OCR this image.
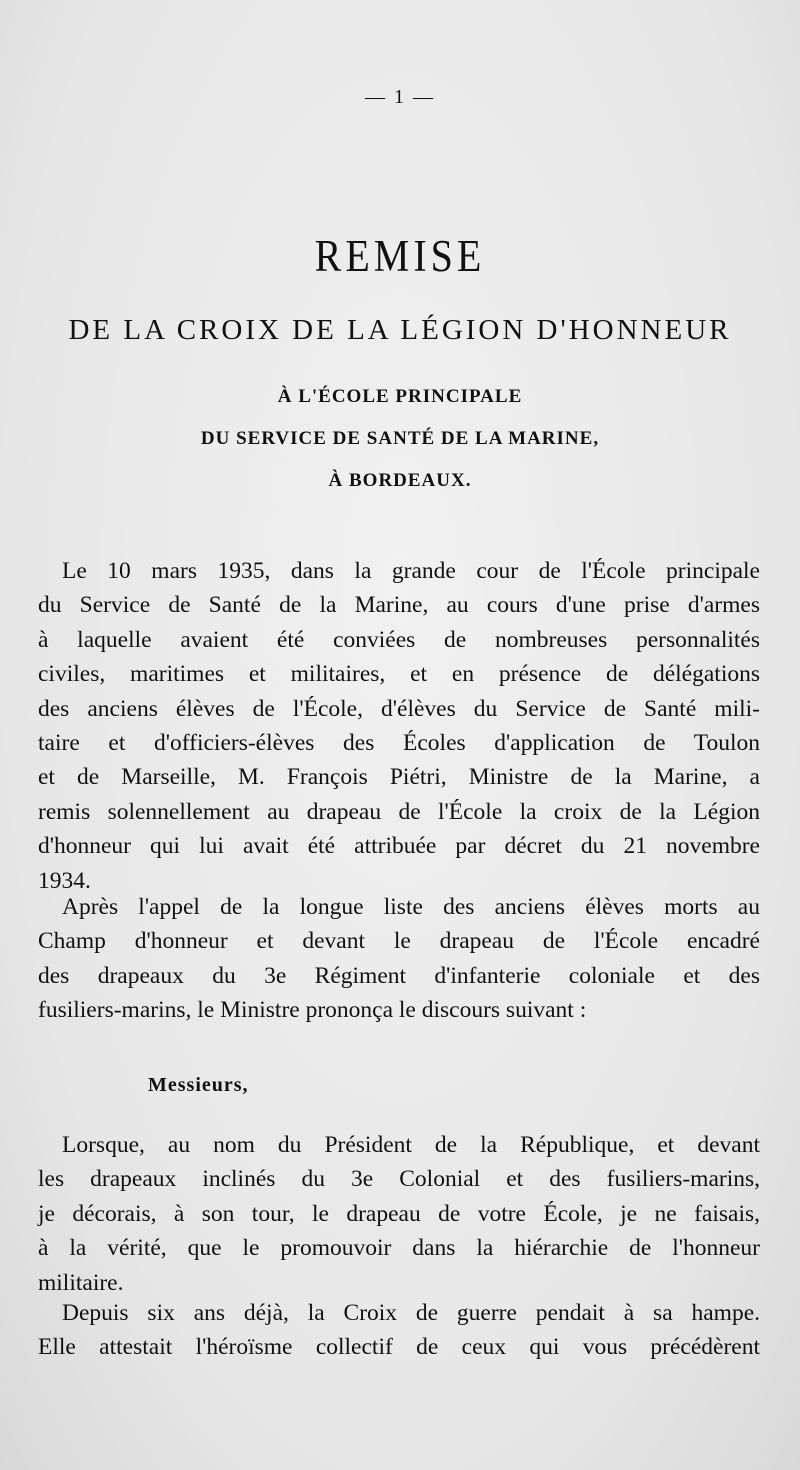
— 1 —
REMISE
DE LA CROIX DE LA LÉGION D'HONNEUR
À L'ÉCOLE PRINCIPALE
DU SERVICE DE SANTÉ DE LA MARINE,
À BORDEAUX.
Le 10 mars 1935, dans la grande cour de l'École principale
du Service de Santé de la Marine, au cours d'une prise d'armes
à laquelle avaient été conviées de nombreuses personnalités
civiles, maritimes et militaires, et en présence de délégations
des anciens élèves de l'École, d'élèves du Service de Santé mili-
taire et d'officiers-élèves des Écoles d'application de Toulon
et de Marseille, M. François Piétri, Ministre de la Marine, a
remis solennellement au drapeau de l'École la croix de la Légion
d'honneur qui lui avait été attribuée par décret du 21 novembre
1934.
Après l'appel de la longue liste des anciens élèves morts au
Champ d'honneur et devant le drapeau de l'École encadré
des drapeaux du 3e Régiment d'infanterie coloniale et des
fusiliers-marins, le Ministre prononça le discours suivant :
Messieurs,
Lorsque, au nom du Président de la République, et devant
les drapeaux inclinés du 3e Colonial et des fusiliers-marins,
je décorais, à son tour, le drapeau de votre École, je ne faisais,
à la vérité, que le promouvoir dans la hiérarchie de l'honneur
militaire.
Depuis six ans déjà, la Croix de guerre pendait à sa hampe.
Elle attestait l'héroïsme collectif de ceux qui vous précédèrent
